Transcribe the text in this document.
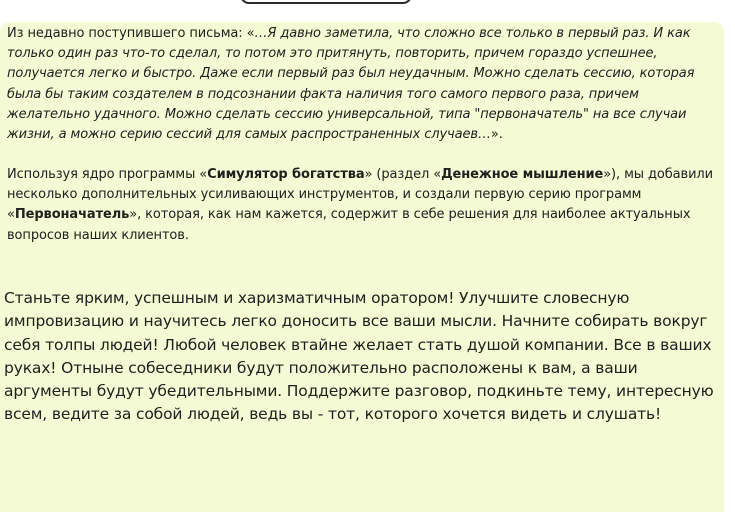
Из недавно поступившего письма: «…Я давно заметила, что сложно все только в первый раз. И как только один раз что-то сделал, то потом это притянуть, повторить, причем гораздо успешнее, получается легко и быстро. Даже если первый раз был неудачным. Можно сделать сессию, которая была бы таким создателем в подсознании факта наличия того самого первого раза, причем желательно удачного. Можно сделать сессию универсальной, типа "первоначатель" на все случаи жизни, а можно серию сессий для самых распространенных случаев…».
Используя ядро программы «Симулятор богатства» (раздел «Денежное мышление»), мы добавили несколько дополнительных усиливающих инструментов, и создали первую серию программ «Первоначатель», которая, как нам кажется, содержит в себе решения для наиболее актуальных вопросов наших клиентов.
Станьте ярким, успешным и харизматичным оратором! Улучшите словесную импровизацию и научитесь легко доносить все ваши мысли. Начните собирать вокруг себя толпы людей! Любой человек втайне желает стать душой компании. Все в ваших руках! Отныне собеседники будут положительно расположены к вам, а ваши аргументы будут убедительными. Поддержите разговор, подкиньте тему, интересную всем, ведите за собой людей, ведь вы - тот, которого хочется видеть и слушать!
